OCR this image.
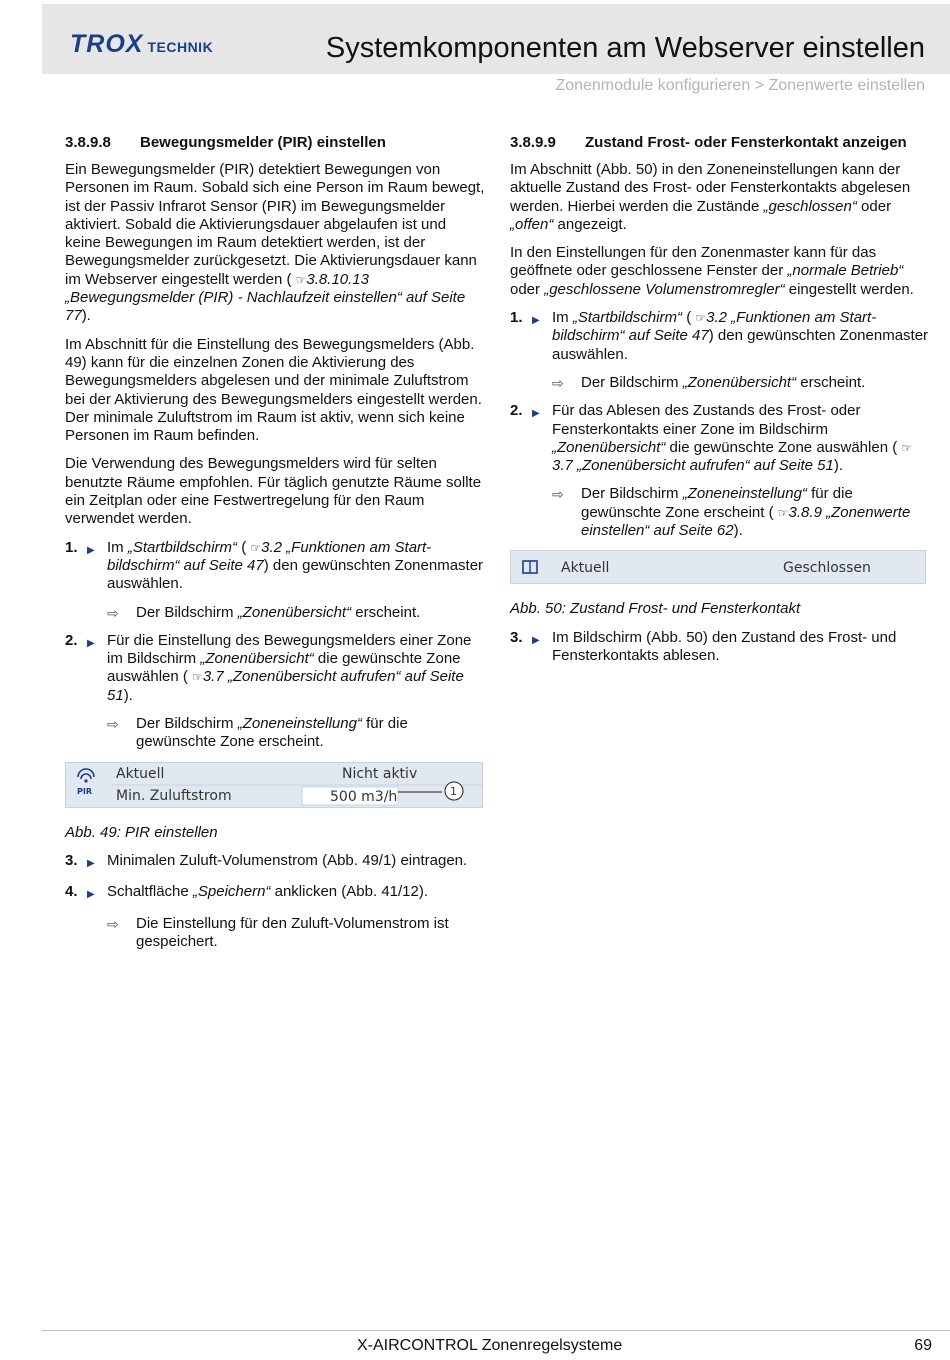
TROX TECHNIK	Systemkomponenten am Webserver einstellen
Zonenmodule konfigurieren > Zonenwerte einstellen
3.8.9.8	Bewegungsmelder (PIR) einstellen

Ein Bewegungsmelder (PIR) detektiert Bewegungen von Personen im Raum. Sobald sich eine Person im Raum bewegt, ist der Passiv Infrarot Sensor (PIR) im Bewegungsmelder aktiviert. Sobald die Aktivierungsdauer abgelaufen ist und keine Bewegungen im Raum detektiert werden, ist der Bewegungsmelder zurückgesetzt. Die Aktivierungsdauer kann im Webserver eingestellt werden ( ☞3.8.10.13 „Bewegungsmelder (PIR) - Nachlaufzeit einstellen“ auf Seite 77).

Im Abschnitt für die Einstellung des Bewegungsmelders (Abb. 49) kann für die einzelnen Zonen die Aktivierung des Bewegungsmelders abgelesen und der minimale Zuluftstrom bei der Aktivierung des Bewegungsmelders eingestellt werden. Der minimale Zuluftstrom im Raum ist aktiv, wenn sich keine Personen im Raum befinden.

Die Verwendung des Bewegungsmelders wird für selten benutzte Räume empfohlen. Für täglich genutzte Räume sollte ein Zeitplan oder eine Festwertregelung für den Raum verwendet werden.

1. ▶ Im „Startbildschirm“ ( ☞3.2 „Funktionen am Startbildschirm“ auf Seite 47) den gewünschten Zonenmaster auswählen.
⇨	Der Bildschirm „Zonenübersicht“ erscheint.
2. ▶ Für die Einstellung des Bewegungsmelders einer Zone im Bildschirm „Zonenübersicht“ die gewünschte Zone auswählen ( ☞3.7 „Zonenübersicht aufrufen“ auf Seite 51).
⇨	Der Bildschirm „Zoneneinstellung“ für die gewünschte Zone erscheint.
PIR
Aktuell	Nicht aktiv
Min. Zuluftstrom	500 m3/h	1

Abb. 49: PIR einstellen

3. ▶ Minimalen Zuluft-Volumenstrom (Abb. 49/1) eintragen.
4. ▶ Schaltfläche „Speichern“ anklicken (Abb. 41/12).
⇨	Die Einstellung für den Zuluft-Volumenstrom ist gespeichert.
3.8.9.9	Zustand Frost- oder Fensterkontakt anzeigen

Im Abschnitt (Abb. 50) in den Zoneneinstellungen kann der aktuelle Zustand des Frost- oder Fensterkontakts abgelesen werden. Hierbei werden die Zustände „geschlossen“ oder „offen“ angezeigt.

In den Einstellungen für den Zonenmaster kann für das geöffnete oder geschlossene Fenster der „normale Betrieb“ oder „geschlossene Volumenstromregler“ eingestellt werden.

1. ▶ Im „Startbildschirm“ ( ☞3.2 „Funktionen am Startbildschirm“ auf Seite 47) den gewünschten Zonenmaster auswählen.
⇨	Der Bildschirm „Zonenübersicht“ erscheint.
2. ▶ Für das Ablesen des Zustands des Frost- oder Fensterkontakts einer Zone im Bildschirm „Zonenübersicht“ die gewünschte Zone auswählen ( ☞3.7 „Zonenübersicht aufrufen“ auf Seite 51).
⇨	Der Bildschirm „Zoneneinstellung“ für die gewünschte Zone erscheint ( ☞3.8.9 „Zonenwerte einstellen“ auf Seite 62).
Aktuell	Geschlossen

Abb. 50: Zustand Frost- und Fensterkontakt

3. ▶ Im Bildschirm (Abb. 50) den Zustand des Frost- und Fensterkontakts ablesen.
X-AIRCONTROL Zonenregelsysteme	69
